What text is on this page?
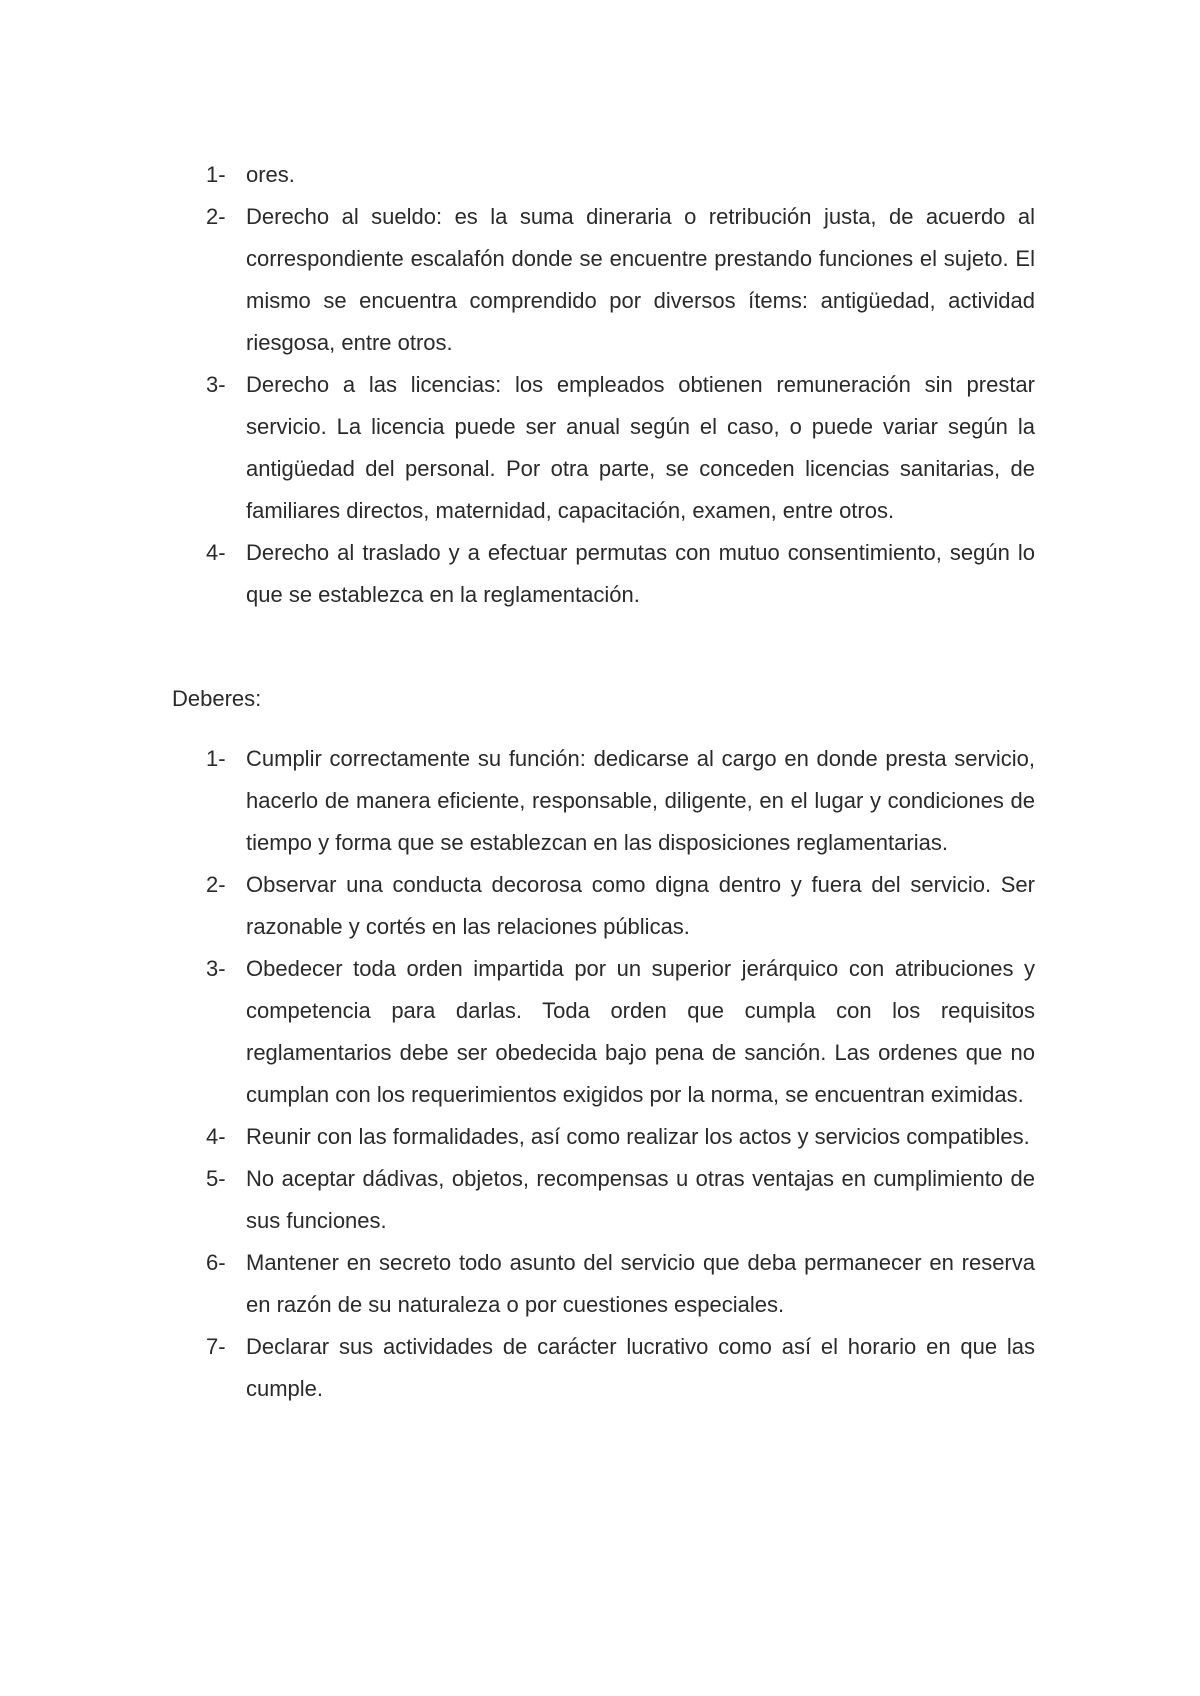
1- ores.
2- Derecho al sueldo: es la suma dineraria o retribución justa, de acuerdo al correspondiente escalafón donde se encuentre prestando funciones el sujeto. El mismo se encuentra comprendido por diversos ítems: antigüedad, actividad riesgosa, entre otros.
3- Derecho a las licencias: los empleados obtienen remuneración sin prestar servicio. La licencia puede ser anual según el caso, o puede variar según la antigüedad del personal. Por otra parte, se conceden licencias sanitarias, de familiares directos, maternidad, capacitación, examen, entre otros.
4- Derecho al traslado y a efectuar permutas con mutuo consentimiento, según lo que se establezca en la reglamentación.
Deberes:
1- Cumplir correctamente su función: dedicarse al cargo en donde presta servicio, hacerlo de manera eficiente, responsable, diligente, en el lugar y condiciones de tiempo y forma que se establezcan en las disposiciones reglamentarias.
2- Observar una conducta decorosa como digna dentro y fuera del servicio. Ser razonable y cortés en las relaciones públicas.
3- Obedecer toda orden impartida por un superior jerárquico con atribuciones y competencia para darlas. Toda orden que cumpla con los requisitos reglamentarios debe ser obedecida bajo pena de sanción. Las ordenes que no cumplan con los requerimientos exigidos por la norma, se encuentran eximidas.
4- Reunir con las formalidades, así como realizar los actos y servicios compatibles.
5- No aceptar dádivas, objetos, recompensas u otras ventajas en cumplimiento de sus funciones.
6- Mantener en secreto todo asunto del servicio que deba permanecer en reserva en razón de su naturaleza o por cuestiones especiales.
7- Declarar sus actividades de carácter lucrativo como así el horario en que las cumple.
